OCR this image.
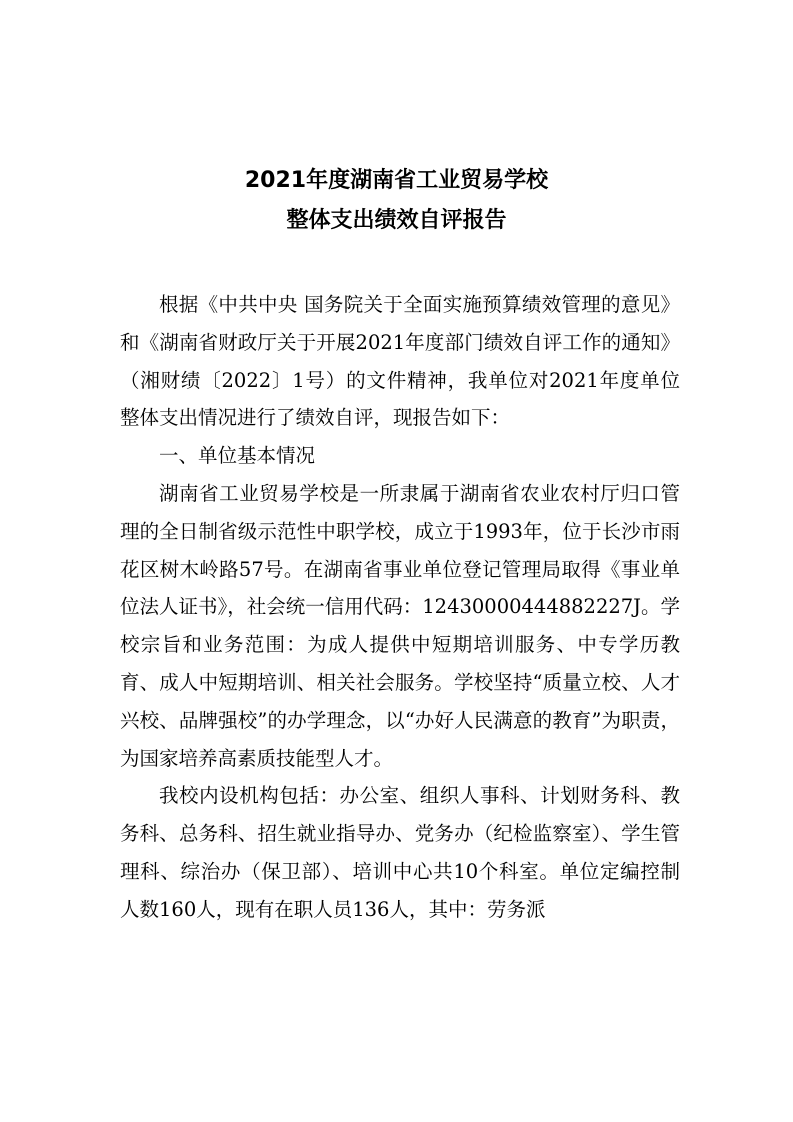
2021年度湖南省工业贸易学校
整体支出绩效自评报告

根据《中共中央 国务院关于全面实施预算绩效管理的意见》和《湖南省财政厅关于开展2021年度部门绩效自评工作的通知》（湘财绩〔2022〕1号）的文件精神，我单位对2021年度单位整体支出情况进行了绩效自评，现报告如下：

一、单位基本情况

湖南省工业贸易学校是一所隶属于湖南省农业农村厅归口管理的全日制省级示范性中职学校，成立于1993年，位于长沙市雨花区树木岭路57号。在湖南省事业单位登记管理局取得《事业单位法人证书》，社会统一信用代码：12430000444882227J。学校宗旨和业务范围：为成人提供中短期培训服务、中专学历教育、成人中短期培训、相关社会服务。学校坚持“质量立校、人才兴校、品牌强校”的办学理念，以“办好人民满意的教育”为职责，为国家培养高素质技能型人才。

我校内设机构包括：办公室、组织人事科、计划财务科、教务科、总务科、招生就业指导办、党务办（纪检监察室）、学生管理科、综治办（保卫部）、培训中心共10个科室。单位定编控制人数160人，现有在职人员136人，其中：劳务派
